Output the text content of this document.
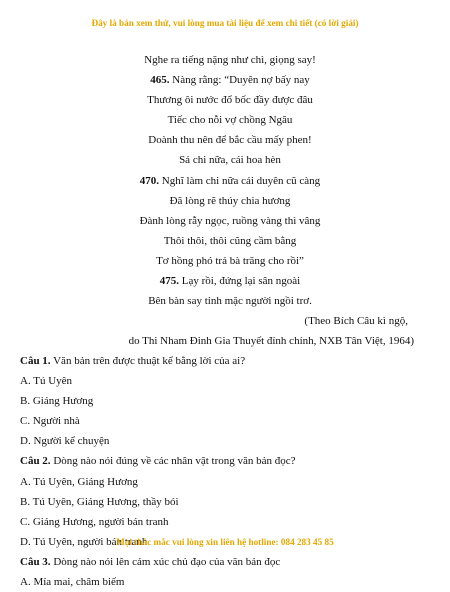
Đây là bản xem thử, vui lòng mua tài liệu để xem chi tiết (có lời giải)
Nghe ra tiếng nặng như chì, giọng say!
465. Nàng rằng: “Duyên nợ bấy nay
Thương ôi nước đổ bốc đầy được đâu
Tiếc cho nỗi vợ chồng Ngâu
Doành thu nên để bắc cầu mấy phen!
Sá chi nữa, cái hoa hèn
470. Nghĩ làm chi nữa cái duyên cũ càng
Đã lòng rẽ thúy chia hương
Đành lòng rẫy ngọc, ruồng vàng thì vâng
Thôi thôi, thôi cũng cầm bằng
Tơ hồng phó trả bà trăng cho rồi”
475. Lạy rồi, đứng lại sân ngoài
Bên bàn say tỉnh mặc người ngồi trơ.
(Theo Bích Câu kì ngộ,
do Thi Nham Đinh Gia Thuyết đính chính, NXB Tân Việt, 1964)
Câu 1. Văn bản trên được thuật kể bằng lời của ai?
A. Tú Uyên
B. Giáng Hương
C. Người nhà
D. Người kể chuyện
Câu 2. Dòng nào nói đúng về các nhân vật trong văn bản đọc?
A. Tú Uyên, Giáng Hương
B. Tú Uyên, Giáng Hương, thầy bói
C. Giáng Hương, người bán tranh
D. Tú Uyên, người bán tranh
Câu 3. Dòng nào nói lên cảm xúc chủ đạo của văn bản đọc
A. Mỉa mai, châm biếm
Mọi thắc mắc vui lòng xin liên hệ hotline: 084 283 45 85
